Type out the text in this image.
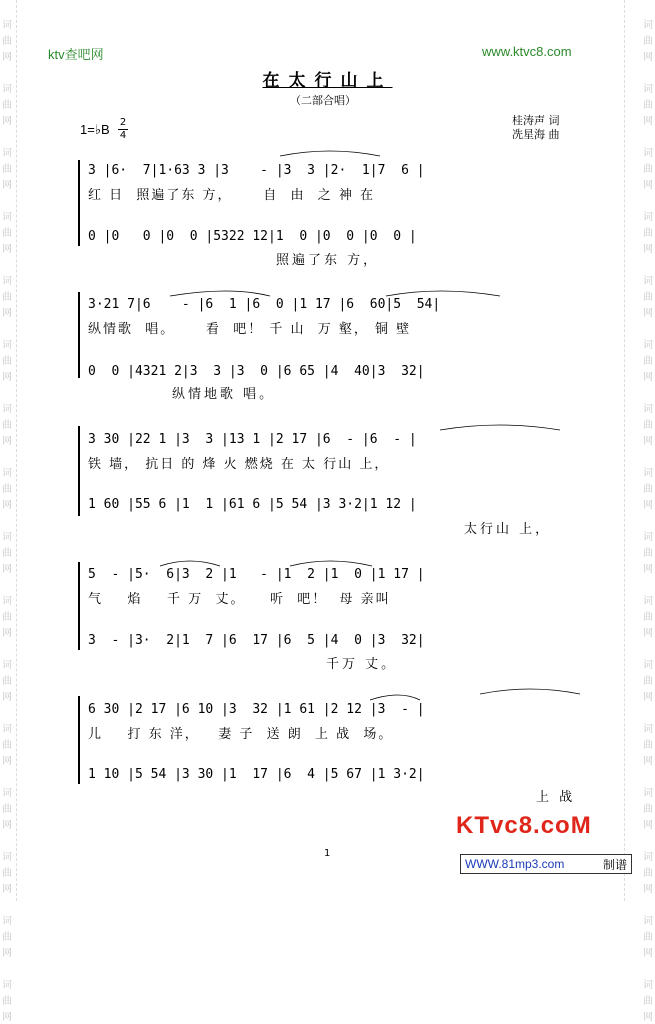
词
曲
网
词
曲
网
词
曲
网
词
曲
网
词
曲
网
词
曲
网
词
曲
网
词
曲
网
词
曲
网
词
曲
网
词
曲
网
词
曲
网
词
曲
网
词
曲
网
词
曲
网
词
曲
网
词
曲
网
词
曲
网
词
曲
网
词
曲
网
词
曲
网
词
曲
网
词
曲
网
词
曲
网
词
曲
网
词
曲
网
词
曲
网
词
曲
网
词
曲
网
词
曲
网
词
曲
网
词
曲
网
ktv查吧网	www.ktvc8.com
在太行山上
（二部合唱）
桂涛声 词
冼星海 曲
1=♭B 2
4
3 |6·  7|1·63 3 |3    - |3  3 |2·  1|7  6 |
红 日  照遍了东 方，     自  由  之 神 在
0 |0   0 |0  0 |5322 12|1  0 |0  0 |0  0 |
照遍了东 方，
3·21 7|6    - |6  1 |6  0 |1 17 |6  60|5  54|
纵情歌  唱。     看  吧！ 千 山  万 壑， 铜 壁
0  0 |4321 2|3  3 |3  0 |6 65 |4  40|3  32|
纵情地歌 唱。
3 30 |22 1 |3  3 |13 1 |2 17 |6  - |6  - |
铁 墙， 抗日 的 烽 火 燃烧 在 太 行山 上，
1 60 |55 6 |1  1 |61 6 |5 54 |3 3·2|1 12 |
太行山 上，
5  - |5·  6|3  2 |1   - |1  2 |1  0 |1 17 |
气    焰    千 万  丈。    听  吧！  母 亲叫
3  - |3·  2|1  7 |6  17 |6  5 |4  0 |3  32|
千万 丈。
6 30 |2 17 |6 10 |3  32 |1 61 |2 12 |3  - |
儿    打 东 洋，   妻 子  送 朗  上 战  场。
1 10 |5 54 |3 30 |1  17 |6  4 |5 67 |1 3·2|
上 战
1
KTvc8.coM
WWW.81mp3.com	制谱
